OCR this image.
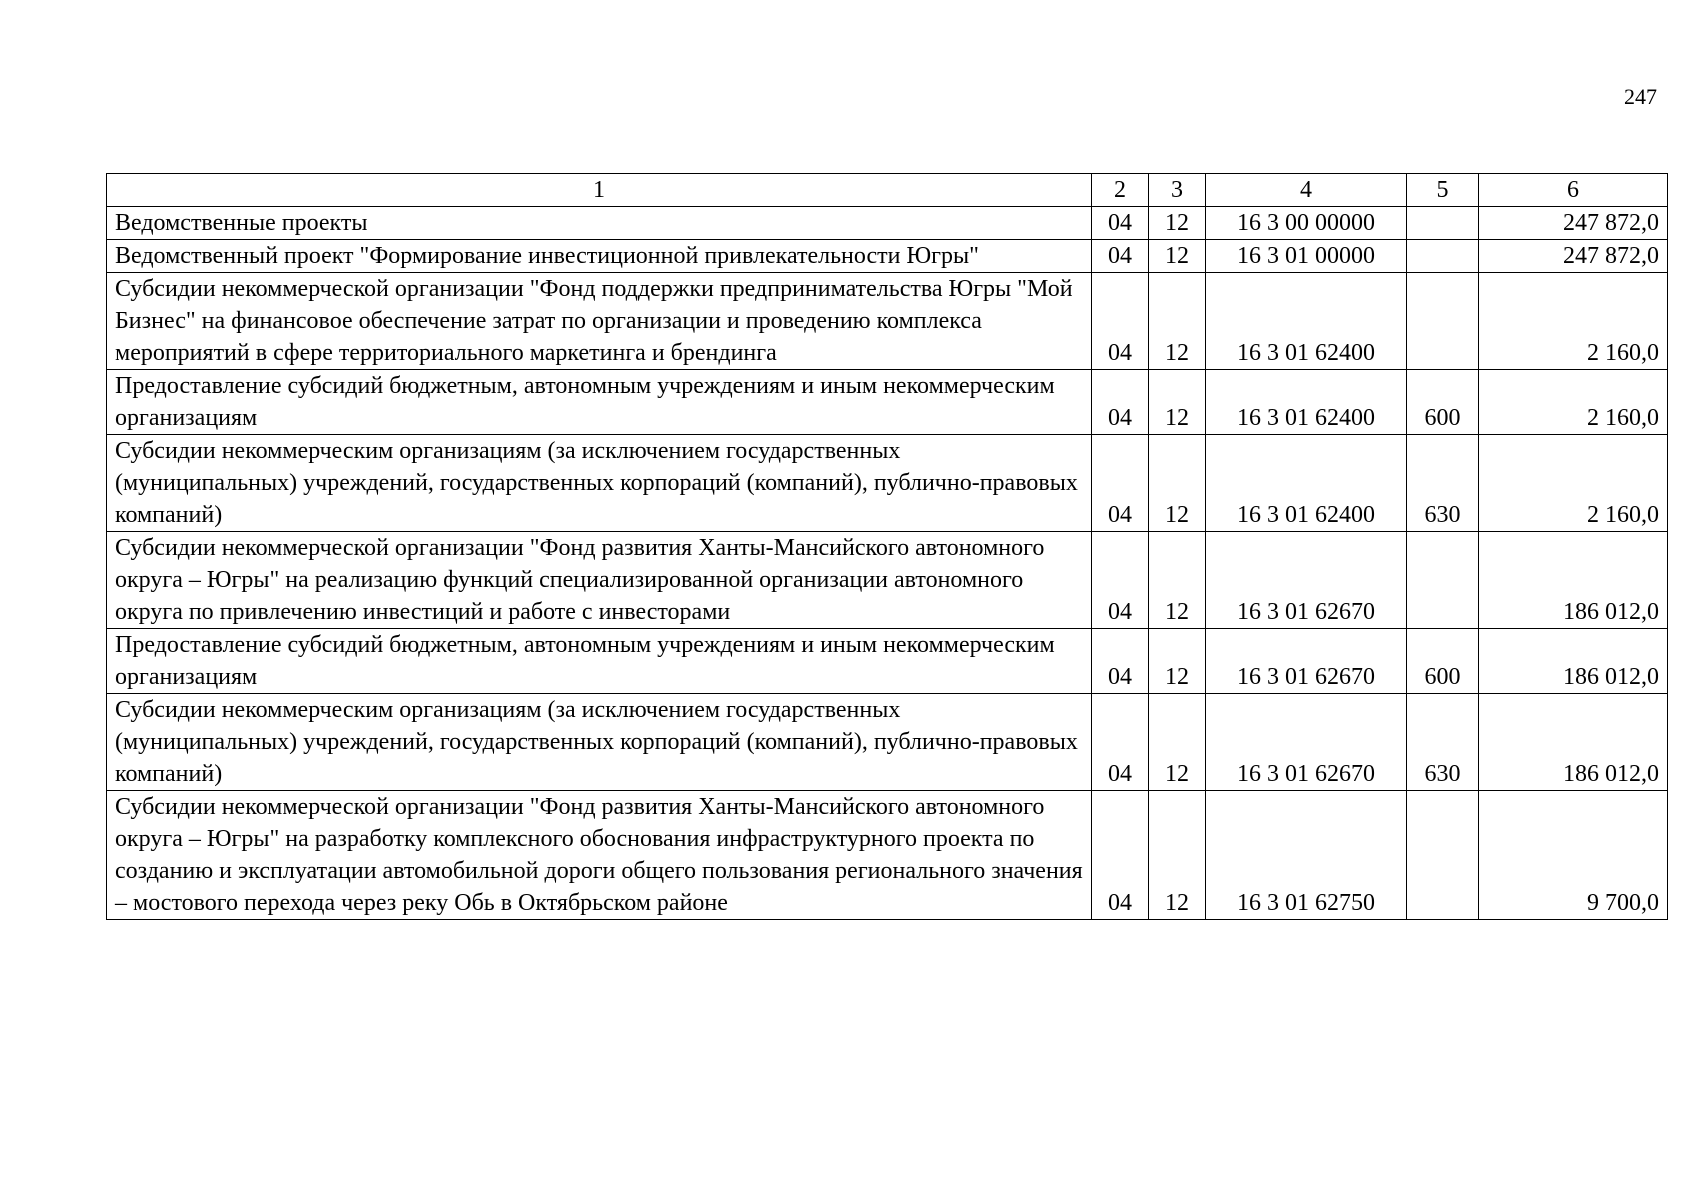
247
1	2	3	4	5	6
Ведомственные проекты	04	12	16 3 00 00000		247 872,0
Ведомственный проект "Формирование инвестиционной привлекательности Югры"	04	12	16 3 01 00000		247 872,0
Субсидии некоммерческой организации "Фонд поддержки предпринимательства Югры "Мой Бизнес" на финансовое обеспечение затрат по организации и проведению комплекса мероприятий в сфере территориального маркетинга и брендинга	04	12	16 3 01 62400		2 160,0
Предоставление субсидий бюджетным, автономным учреждениям и иным некоммерческим организациям	04	12	16 3 01 62400	600	2 160,0
Субсидии некоммерческим организациям (за исключением государственных (муниципальных) учреждений, государственных корпораций (компаний), публично-правовых компаний)	04	12	16 3 01 62400	630	2 160,0
Субсидии некоммерческой организации "Фонд развития Ханты-Мансийского автономного округа – Югры" на реализацию функций специализированной организации автономного округа по привлечению инвестиций и работе с инвесторами	04	12	16 3 01 62670		186 012,0
Предоставление субсидий бюджетным, автономным учреждениям и иным некоммерческим организациям	04	12	16 3 01 62670	600	186 012,0
Субсидии некоммерческим организациям (за исключением государственных (муниципальных) учреждений, государственных корпораций (компаний), публично-правовых компаний)	04	12	16 3 01 62670	630	186 012,0
Субсидии некоммерческой организации "Фонд развития Ханты-Мансийского автономного округа – Югры" на разработку комплексного обоснования инфраструктурного проекта по созданию и эксплуатации автомобильной дороги общего пользования регионального значения – мостового перехода через реку Обь в Октябрьском районе	04	12	16 3 01 62750		9 700,0
